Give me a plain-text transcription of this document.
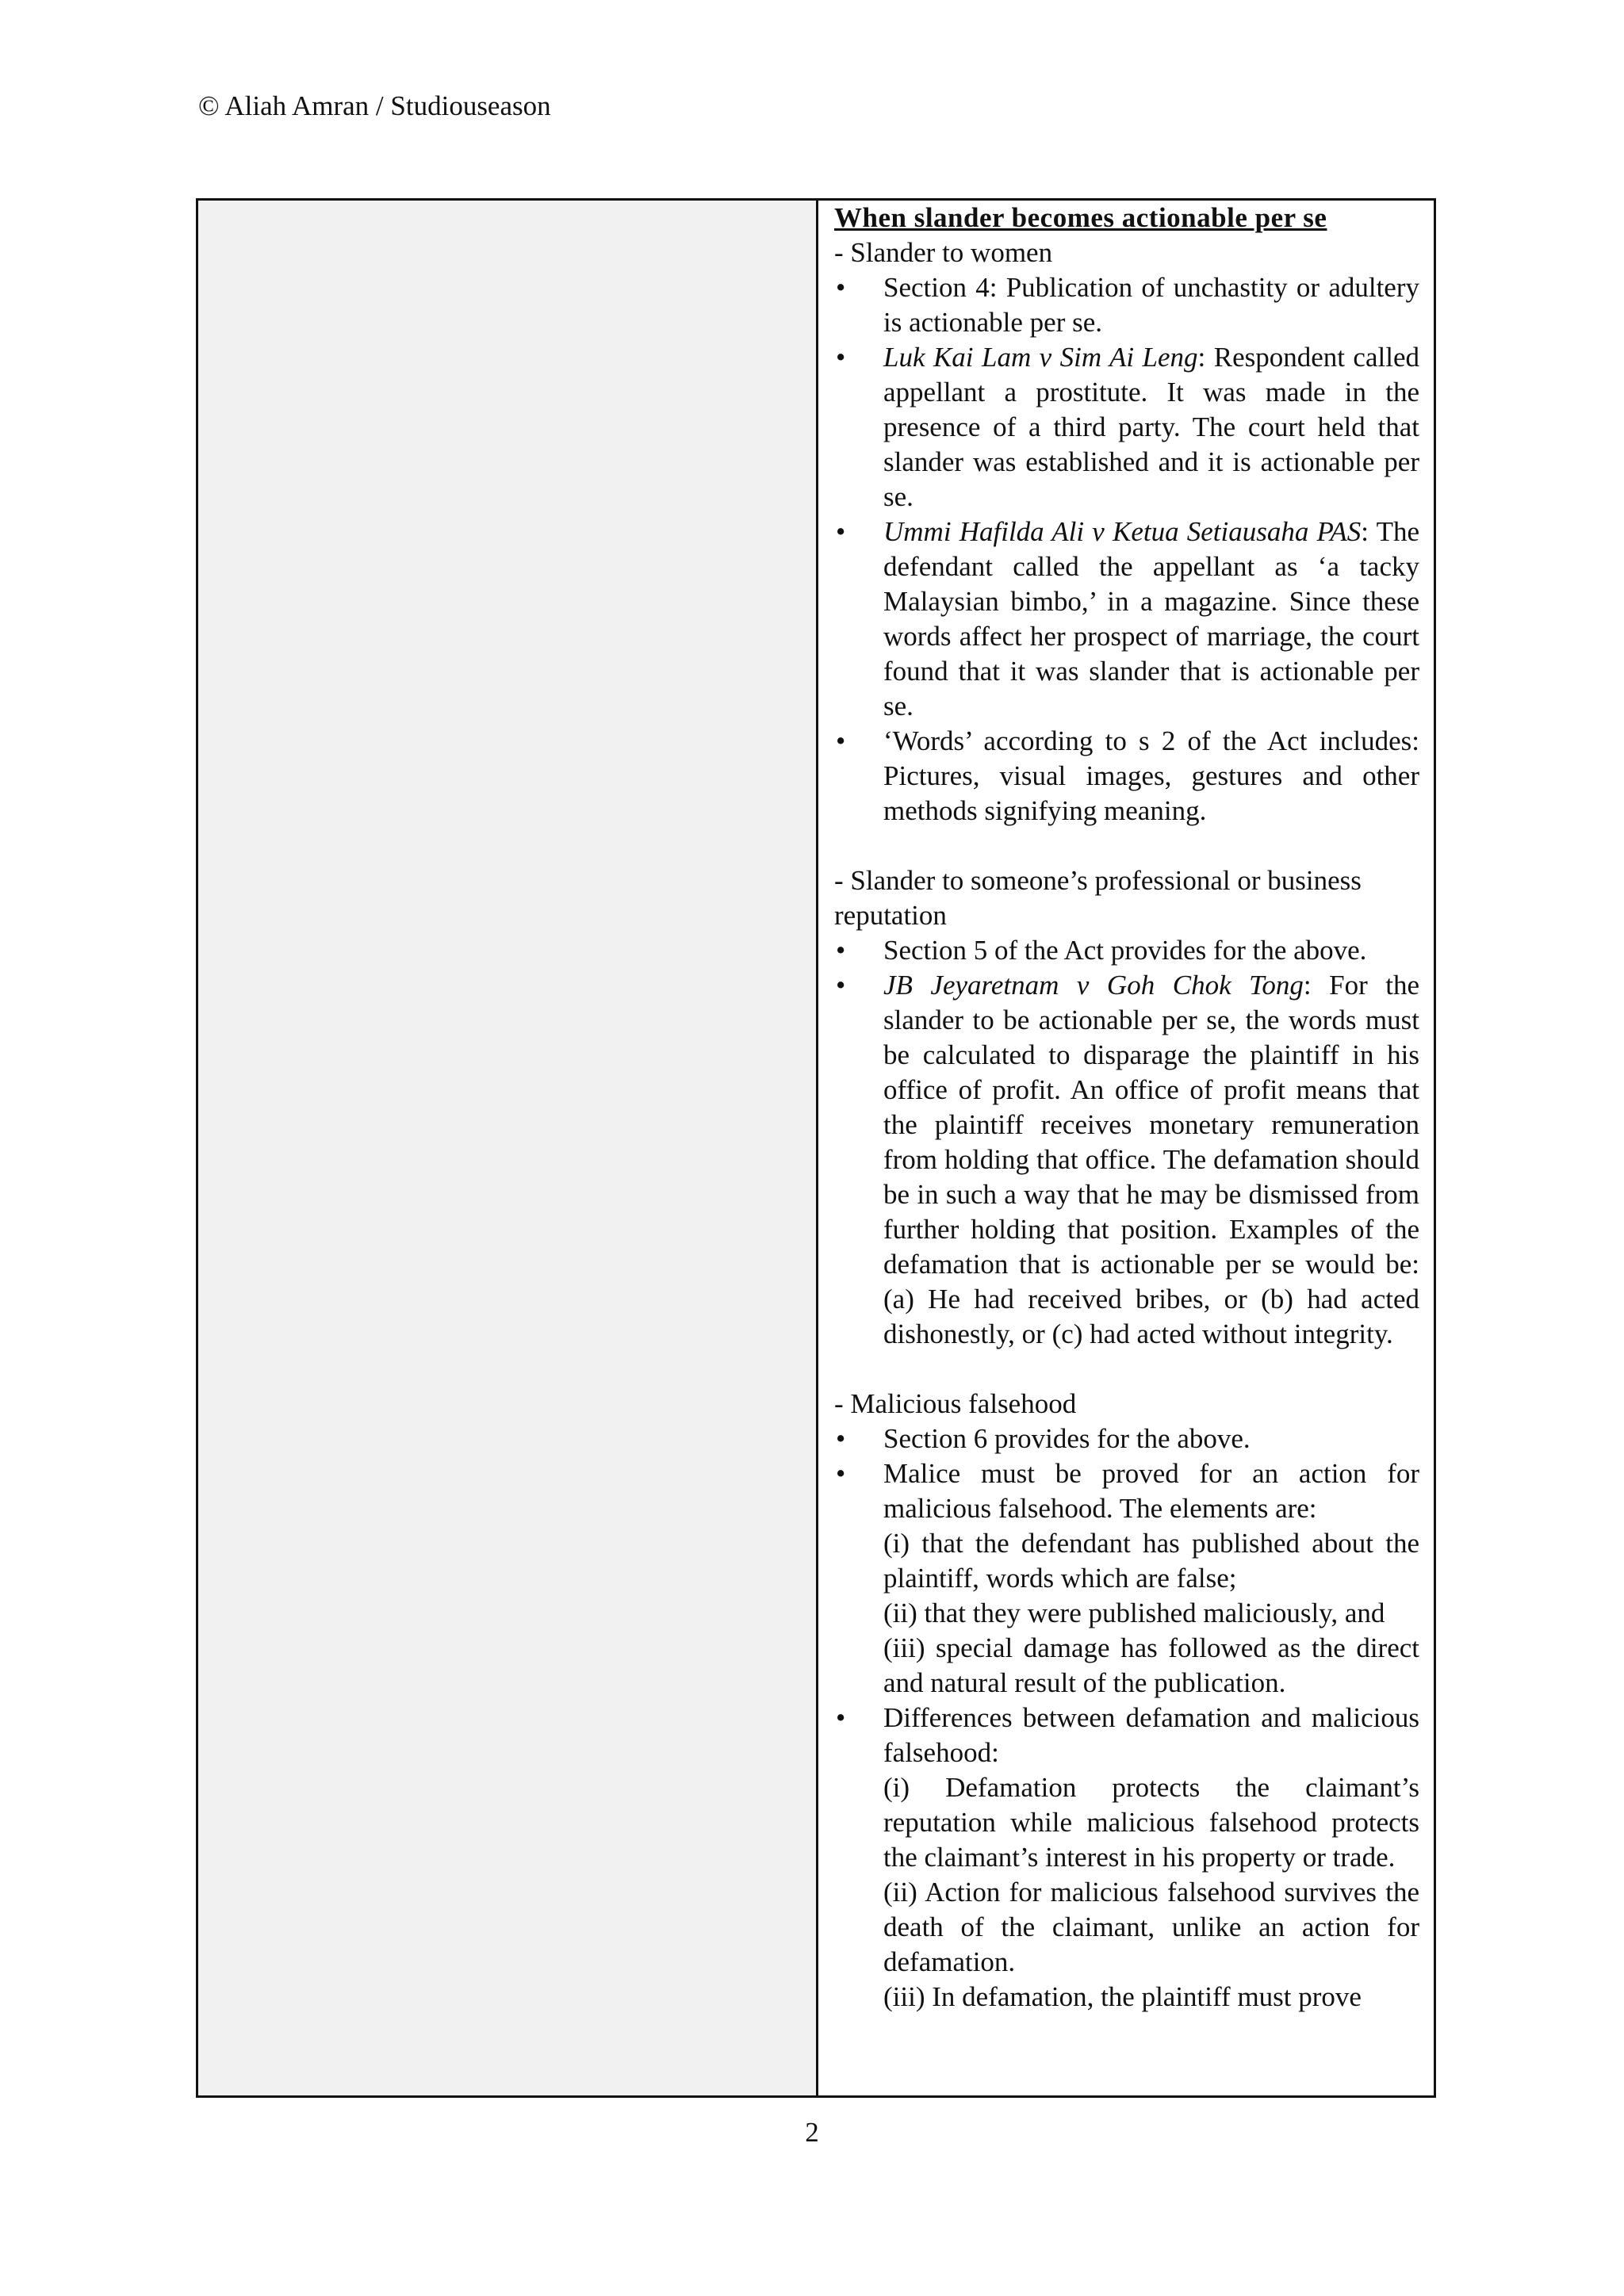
© Aliah Amran / Studiouseason
When slander becomes actionable per se
- Slander to women
• Section 4: Publication of unchastity or adultery is actionable per se.
• Luk Kai Lam v Sim Ai Leng: Respondent called appellant a prostitute. It was made in the presence of a third party. The court held that slander was established and it is actionable per se.
• Ummi Hafilda Ali v Ketua Setiausaha PAS: The defendant called the appellant as ‘a tacky Malaysian bimbo,’ in a magazine. Since these words affect her prospect of marriage, the court found that it was slander that is actionable per se.
• ‘Words’ according to s 2 of the Act includes: Pictures, visual images, gestures and other methods signifying meaning.
- Slander to someone’s professional or business reputation
• Section 5 of the Act provides for the above.
• JB Jeyaretnam v Goh Chok Tong: For the slander to be actionable per se, the words must be calculated to disparage the plaintiff in his office of profit. An office of profit means that the plaintiff receives monetary remuneration from holding that office. The defamation should be in such a way that he may be dismissed from further holding that position. Examples of the defamation that is actionable per se would be: (a) He had received bribes, or (b) had acted dishonestly, or (c) had acted without integrity.
- Malicious falsehood
• Section 6 provides for the above.
• Malice must be proved for an action for malicious falsehood. The elements are:
(i) that the defendant has published about the plaintiff, words which are false;
(ii) that they were published maliciously, and
(iii) special damage has followed as the direct and natural result of the publication.
• Differences between defamation and malicious falsehood:
(i) Defamation protects the claimant’s reputation while malicious falsehood protects the claimant’s interest in his property or trade.
(ii) Action for malicious falsehood survives the death of the claimant, unlike an action for defamation.
(iii) In defamation, the plaintiff must prove
2
